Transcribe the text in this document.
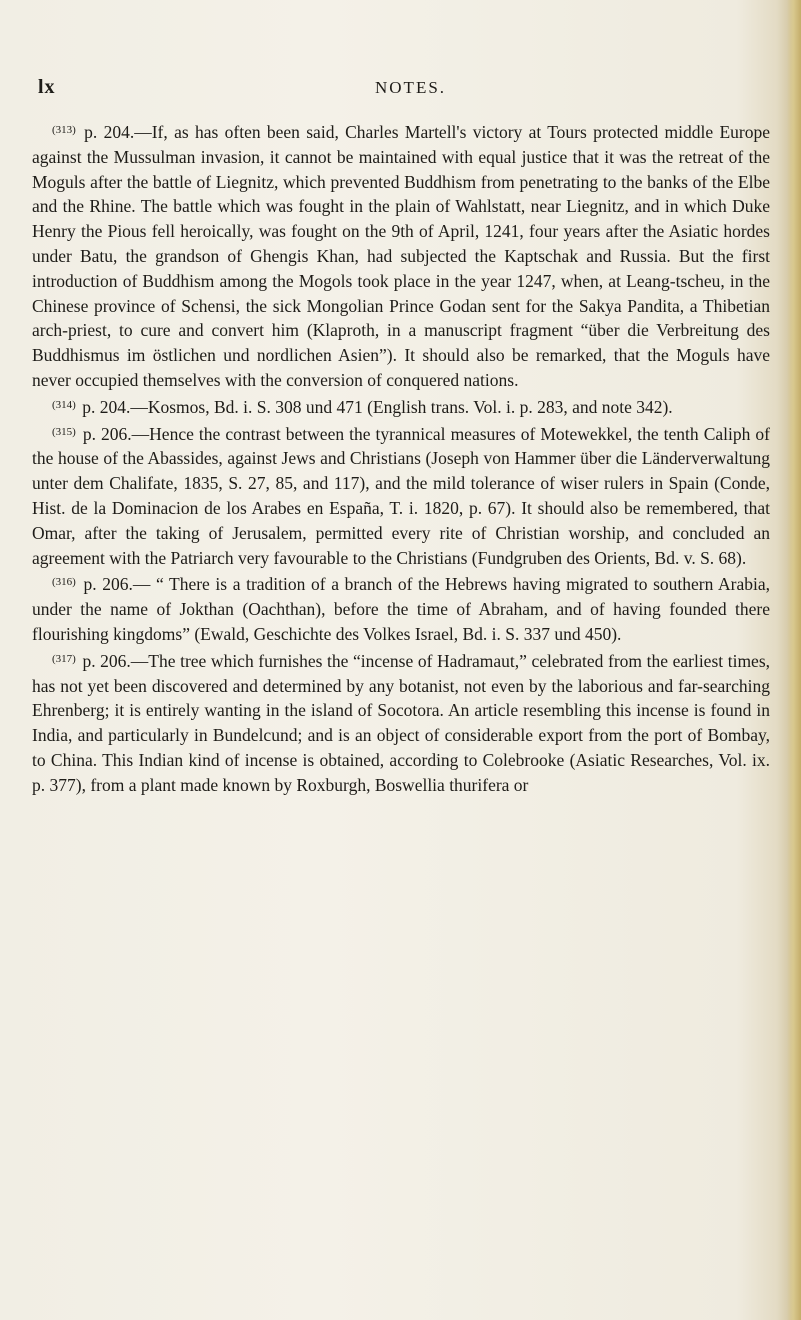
lx	NOTES.

$^{(313)}$ p. 204.—If, as has often been said, Charles Martell's victory at Tours protected middle Europe against the Mussulman invasion, it cannot be maintained with equal justice that it was the retreat of the Moguls after the battle of Liegnitz, which prevented Buddhism from penetrating to the banks of the Elbe and the Rhine. The battle which was fought in the plain of Wahlstatt, near Liegnitz, and in which Duke Henry the Pious fell heroically, was fought on the 9th of April, 1241, four years after the Asiatic hordes under Batu, the grandson of Ghengis Khan, had subjected the Kaptschak and Russia. But the first introduction of Buddhism among the Mogols took place in the year 1247, when, at Leang-tscheu, in the Chinese province of Schensi, the sick Mongolian Prince Godan sent for the Sakya Pandita, a Thibetian arch-priest, to cure and convert him (Klaproth, in a manuscript fragment “über die Verbreitung des Buddhismus im östlichen und nordlichen Asien”). It should also be remarked, that the Moguls have never occupied themselves with the conversion of conquered nations.

$^{(314)}$ p. 204.—Kosmos, Bd. i. S. 308 und 471 (English trans. Vol. i. p. 283, and note 342).

$^{(315)}$ p. 206.—Hence the contrast between the tyrannical measures of Motewekkel, the tenth Caliph of the house of the Abassides, against Jews and Christians (Joseph von Hammer über die Länderverwaltung unter dem Chalifate, 1835, S. 27, 85, and 117), and the mild tolerance of wiser rulers in Spain (Conde, Hist. de la Dominacion de los Arabes en España, T. i. 1820, p. 67). It should also be remembered, that Omar, after the taking of Jerusalem, permitted every rite of Christian worship, and concluded an agreement with the Patriarch very favourable to the Christians (Fundgruben des Orients, Bd. v. S. 68).

$^{(316)}$ p. 206.— “ There is a tradition of a branch of the Hebrews having migrated to southern Arabia, under the name of Jokthan (Oachthan), before the time of Abraham, and of having founded there flourishing kingdoms” (Ewald, Geschichte des Volkes Israel, Bd. i. S. 337 und 450).

$^{(317)}$ p. 206.—The tree which furnishes the “incense of Hadramaut,” celebrated from the earliest times, has not yet been discovered and determined by any botanist, not even by the laborious and far-searching Ehrenberg; it is entirely wanting in the island of Socotora. An article resembling this incense is found in India, and particularly in Bundelcund; and is an object of considerable export from the port of Bombay, to China. This Indian kind of incense is obtained, according to Colebrooke (Asiatic Researches, Vol. ix. p. 377), from a plant made known by Roxburgh, Boswellia thurifera or
